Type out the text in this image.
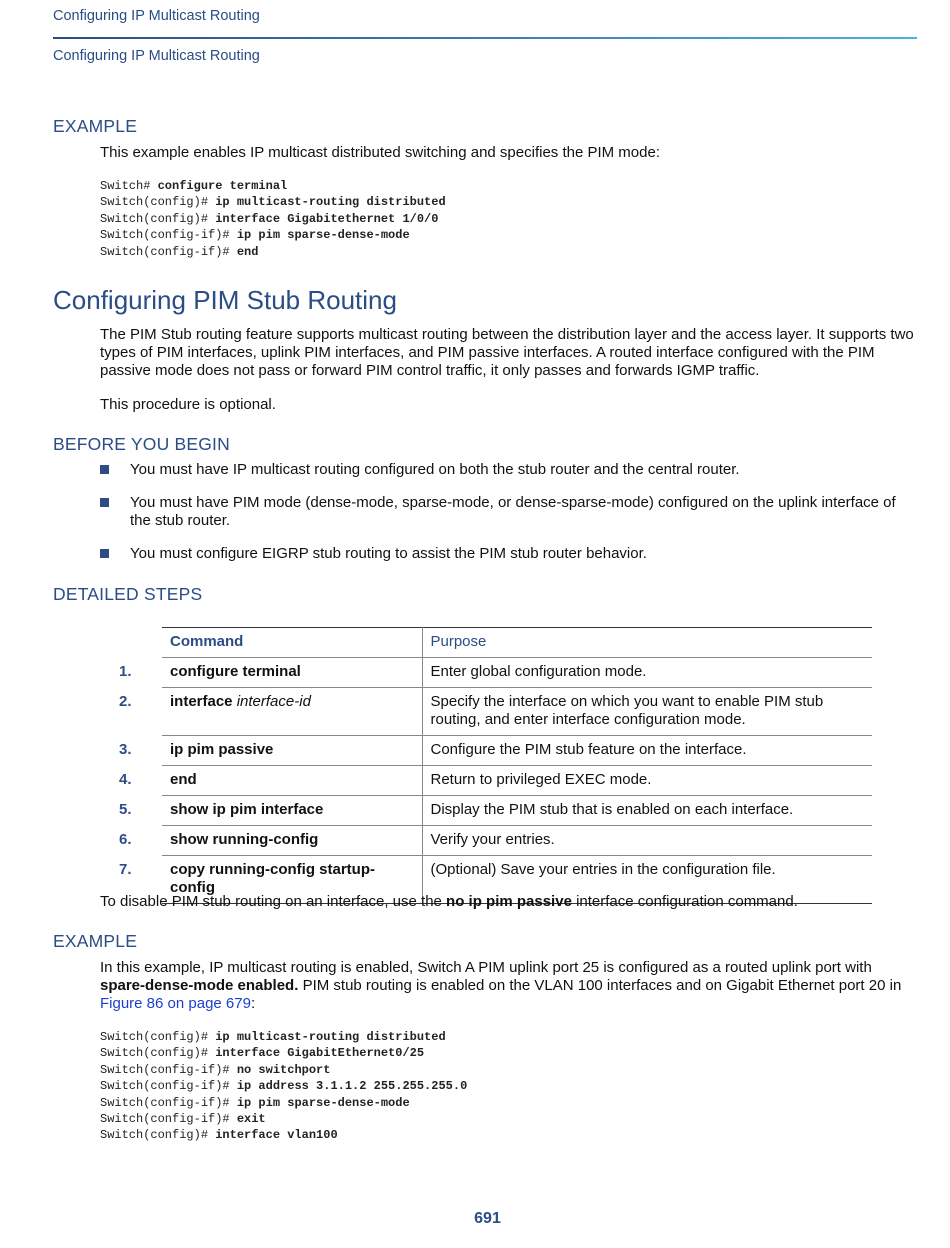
Configuring IP Multicast Routing
Configuring IP Multicast Routing
EXAMPLE
This example enables IP multicast distributed switching and specifies the PIM mode:
Switch# configure terminal
Switch(config)# ip multicast-routing distributed
Switch(config)# interface Gigabitethernet 1/0/0
Switch(config-if)# ip pim sparse-dense-mode
Switch(config-if)# end
Configuring PIM Stub Routing
The PIM Stub routing feature supports multicast routing between the distribution layer and the access layer. It supports two types of PIM interfaces, uplink PIM interfaces, and PIM passive interfaces. A routed interface configured with the PIM passive mode does not pass or forward PIM control traffic, it only passes and forwards IGMP traffic.
This procedure is optional.
BEFORE YOU BEGIN
You must have IP multicast routing configured on both the stub router and the central router.
You must have PIM mode (dense-mode, sparse-mode, or dense-sparse-mode) configured on the uplink interface of the stub router.
You must configure EIGRP stub routing to assist the PIM stub router behavior.
DETAILED STEPS
	Command	Purpose
1.	configure terminal	Enter global configuration mode.
2.	interface interface-id	Specify the interface on which you want to enable PIM stub routing, and enter interface configuration mode.
3.	ip pim passive	Configure the PIM stub feature on the interface.
4.	end	Return to privileged EXEC mode.
5.	show ip pim interface	Display the PIM stub that is enabled on each interface.
6.	show running-config	Verify your entries.
7.	copy running-config startup-config	(Optional) Save your entries in the configuration file.
To disable PIM stub routing on an interface, use the no ip pim passive interface configuration command.
EXAMPLE
In this example, IP multicast routing is enabled, Switch A PIM uplink port 25 is configured as a routed uplink port with spare-dense-mode enabled. PIM stub routing is enabled on the VLAN 100 interfaces and on Gigabit Ethernet port 20 in Figure 86 on page 679:
Switch(config)# ip multicast-routing distributed
Switch(config)# interface GigabitEthernet0/25
Switch(config-if)# no switchport
Switch(config-if)# ip address 3.1.1.2 255.255.255.0
Switch(config-if)# ip pim sparse-dense-mode
Switch(config-if)# exit
Switch(config)# interface vlan100
691
